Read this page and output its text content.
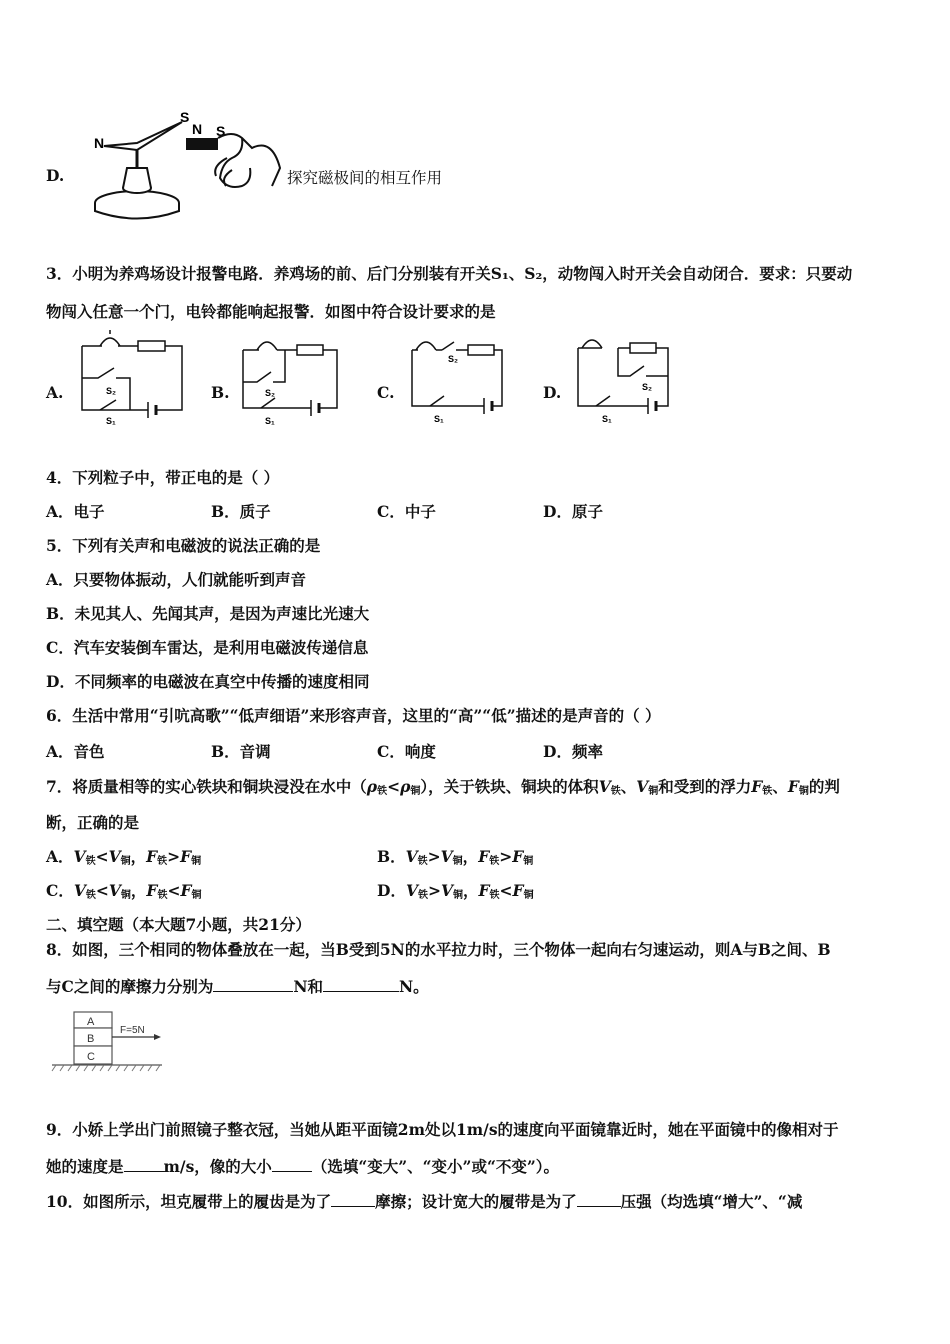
D.
N
S
N S
探究磁极间的相互作用
3．小明为养鸡场设计报警电路．养鸡场的前、后门分别装有开关S₁、S₂，动物闯入时开关会自动闭合．要求：只要动
物闯入任意一个门，电铃都能响起报警．如图中符合设计要求的是
A.	S₂
S₁
B.	S₂
S₁
C.
S₂
S₁
D.	S₂
S₁
4．下列粒子中，带正电的是（ ）
A．电子	B．质子	C．中子	D．原子
5．下列有关声和电磁波的说法正确的是
A．只要物体振动，人们就能听到声音
B．未见其人、先闻其声，是因为声速比光速大
C．汽车安装倒车雷达，是利用电磁波传递信息
D．不同频率的电磁波在真空中传播的速度相同
6．生活中常用“引吭高歌”“低声细语”来形容声音，这里的“高”“低”描述的是声音的（ ）
A．音色	B．音调	C．响度	D．频率
7．将质量相等的实心铁块和铜块浸没在水中$(\rho_铁<\rho_铜)$，关于铁块、铜块的体积$V_铁$、$V_铜$和受到的浮力$F_铁$、$F_铜$的判
断，正确的是
A．$V_铁<V_铜$，$F_铁>F_铜$	B．$V_铁>V_铜$，$F_铁>F_铜$
C．$V_铁<V_铜$，$F_铁<F_铜$	D．$V_铁>V_铜$，$F_铁<F_铜$
二、填空题（本大题7小题，共21分）
8．如图，三个相同的物体叠放在一起，当B受到5N的水平拉力时，三个物体一起向右匀速运动，则A与B之间、B
与C之间的摩擦力分别为	N和	N。
A
B
C
F=5N
9．小娇上学出门前照镜子整衣冠，当她从距平面镜2m处以1m/s的速度向平面镜靠近时，她在平面镜中的像相对于
她的速度是	m/s，像的大小	（选填“变大”、“变小”或“不变”）。
10．如图所示，坦克履带上的履齿是为了	摩擦；设计宽大的履带是为了	压强（均选填“增大”、“减
